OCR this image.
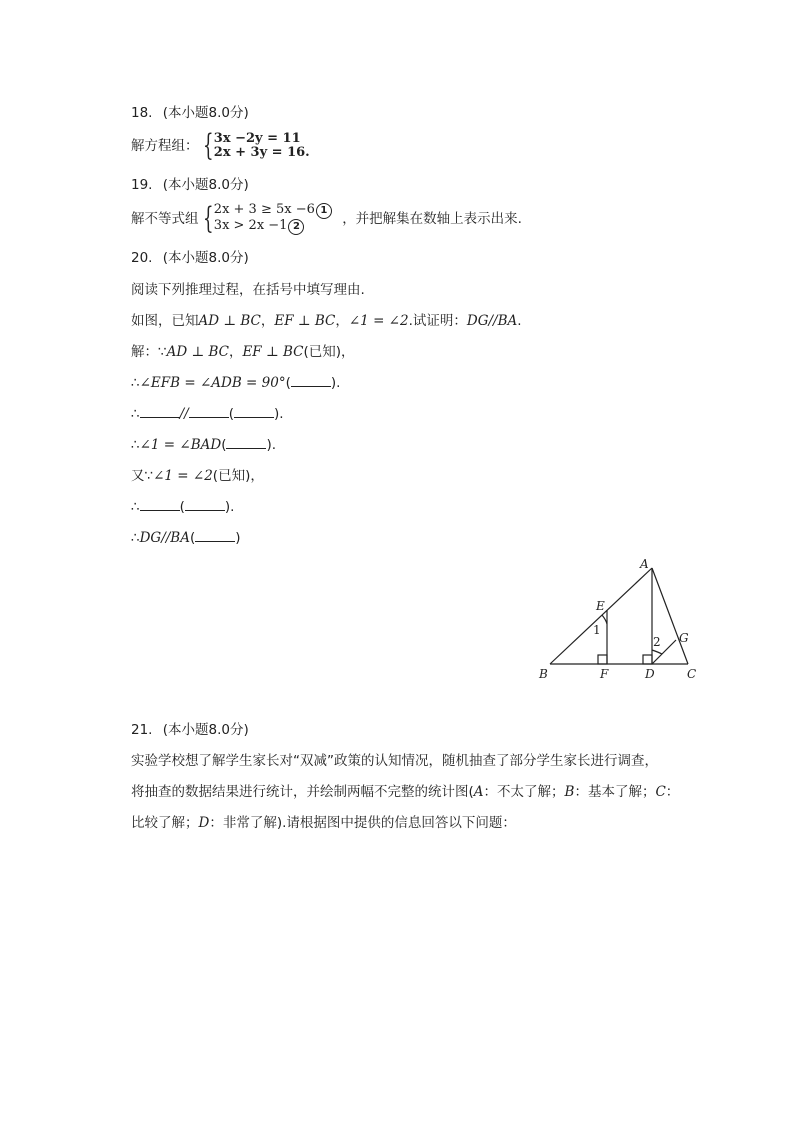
18. (本小题8.0分)
解方程组： { 3x −2y = 11
2x + 3y = 16.
19. (本小题8.0分)
解不等式组 { 2x + 3 ≥ 5x −6 1
3x > 2x −1 2	，并把解集在数轴上表示出来.
20. (本小题8.0分)
阅读下列推理过程，在括号中填写理由.
如图，已知AD ⊥ BC，EF ⊥ BC，∠1 = ∠2.试证明：DG//BA.
解：∵AD ⊥ BC，EF ⊥ BC(已知)，
∴∠EFB = ∠ADB = 90°(	).
∴	//	(	).
∴∠1 = ∠BAD(	).
又∵∠1 = ∠2(已知)，
∴	(	).
∴DG//BA(	)
A
B	C
D
E
F
G
1
2
21. (本小题8.0分)
实验学校想了解学生家长对“双减”政策的认知情况，随机抽查了部分学生家长进行调查，
将抽查的数据结果进行统计，并绘制两幅不完整的统计图(A：不太了解；B：基本了解；C：
比较了解；D：非常了解).请根据图中提供的信息回答以下问题：
